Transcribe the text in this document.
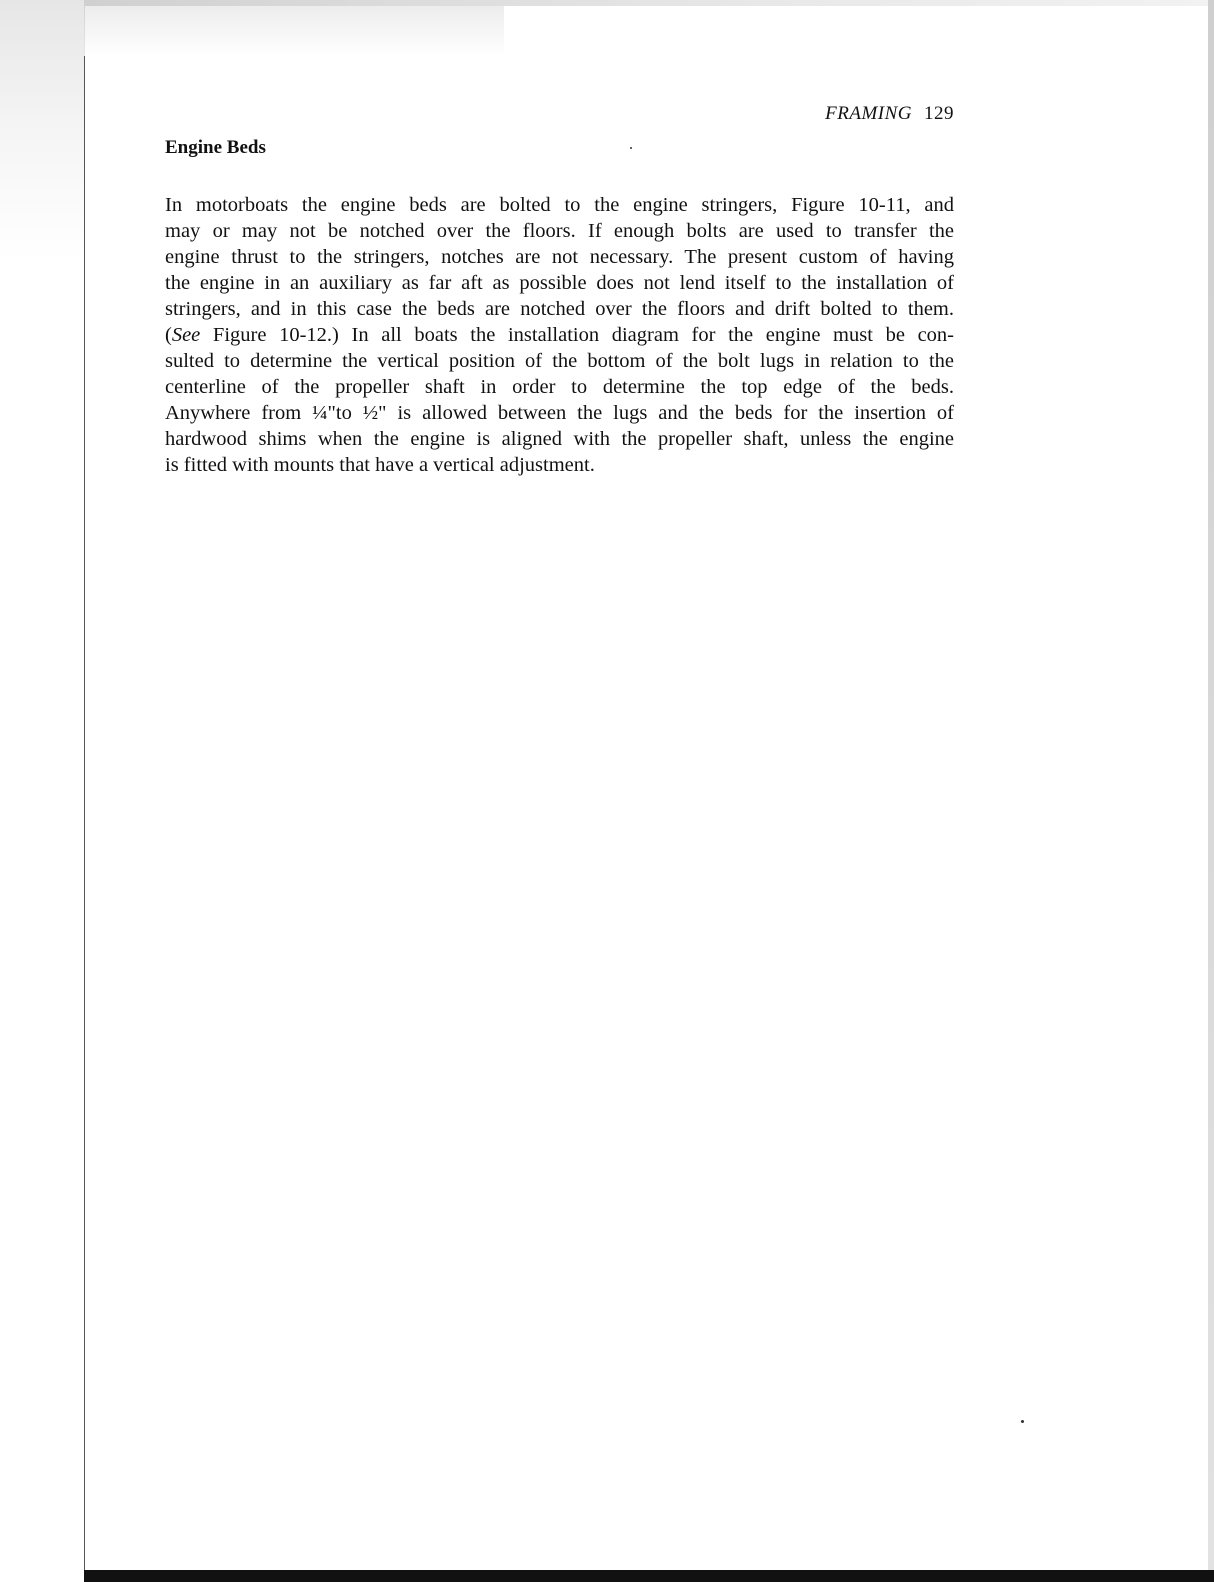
FRAMING 129
Engine Beds

In motorboats the engine beds are bolted to the engine stringers, Figure 10-11, and
may or may not be notched over the floors. If enough bolts are used to transfer the
engine thrust to the stringers, notches are not necessary. The present custom of having
the engine in an auxiliary as far aft as possible does not lend itself to the installation of
stringers, and in this case the beds are notched over the floors and drift bolted to them.
(See Figure 10-12.) In all boats the installation diagram for the engine must be con-
sulted to determine the vertical position of the bottom of the bolt lugs in relation to the
centerline of the propeller shaft in order to determine the top edge of the beds.
Anywhere from ¼"to ½" is allowed between the lugs and the beds for the insertion of
hardwood shims when the engine is aligned with the propeller shaft, unless the engine
is fitted with mounts that have a vertical adjustment.
